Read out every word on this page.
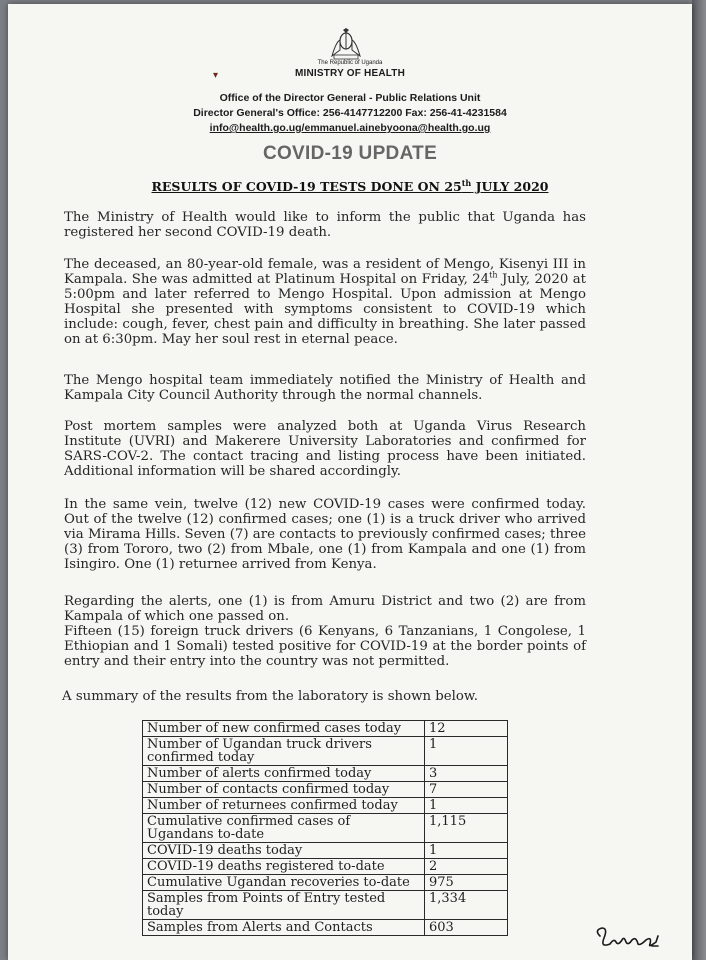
The Republic of Uganda
MINISTRY OF HEALTH
▾
Office of the Director General - Public Relations Unit
Director General's Office: 256-4147712200 Fax: 256-41-4231584
info@health.go.ug/emmanuel.ainebyoona@health.go.ug
COVID-19 UPDATE
RESULTS OF COVID-19 TESTS DONE ON 25th JULY 2020

The Ministry of Health would like to inform the public that Uganda has registered her second COVID-19 death.

The deceased, an 80-year-old female, was a resident of Mengo, Kisenyi III in Kampala. She was admitted at Platinum Hospital on Friday, 24th July, 2020 at 5:00pm and later referred to Mengo Hospital. Upon admission at Mengo Hospital she presented with symptoms consistent to COVID-19 which include: cough, fever, chest pain and difficulty in breathing. She later passed on at 6:30pm. May her soul rest in eternal peace.

The Mengo hospital team immediately notified the Ministry of Health and Kampala City Council Authority through the normal channels.

Post mortem samples were analyzed both at Uganda Virus Research Institute (UVRI) and Makerere University Laboratories and confirmed for SARS-COV-2. The contact tracing and listing process have been initiated. Additional information will be shared accordingly.

In the same vein, twelve (12) new COVID-19 cases were confirmed today. Out of the twelve (12) confirmed cases; one (1) is a truck driver who arrived via Mirama Hills. Seven (7) are contacts to previously confirmed cases; three (3) from Tororo, two (2) from Mbale, one (1) from Kampala and one (1) from Isingiro. One (1) returnee arrived from Kenya.

Regarding the alerts, one (1) is from Amuru District and two (2) are from Kampala of which one passed on.

Fifteen (15) foreign truck drivers (6 Kenyans, 6 Tanzanians, 1 Congolese, 1 Ethiopian and 1 Somali) tested positive for COVID-19 at the border points of entry and their entry into the country was not permitted.

A summary of the results from the laboratory is shown below.

Number of new confirmed cases today	12
Number of Ugandan truck drivers confirmed today	1
Number of alerts confirmed today	3
Number of contacts confirmed today	7
Number of returnees confirmed today	1
Cumulative confirmed cases of Ugandans to-date	1,115
COVID-19 deaths today	1
COVID-19 deaths registered to-date	2
Cumulative Ugandan recoveries to-date	975
Samples from Points of Entry tested today	1,334
Samples from Alerts and Contacts	603
